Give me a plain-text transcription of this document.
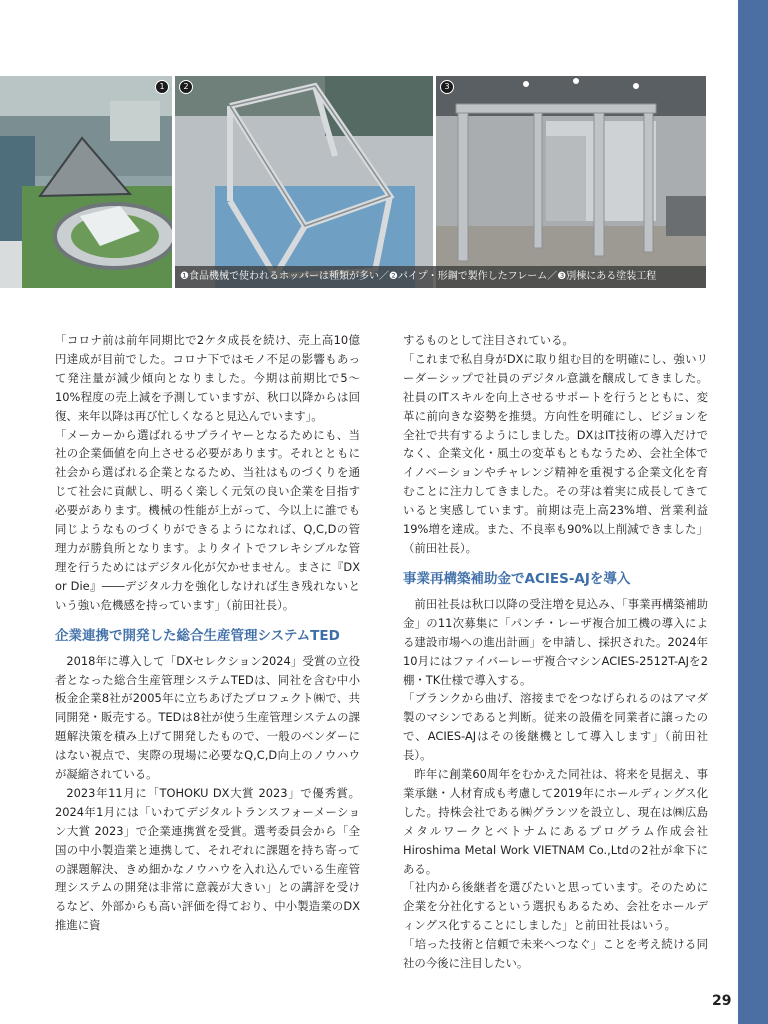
1	2	3
❶食品機械で使われるホッパーは種類が多い／❷パイプ・形鋼で製作したフレーム／❸別棟にある塗装工程

「コロナ前は前年同期比で2ケタ成長を続け、売上高10億円達成が目前でした。コロナ下ではモノ不足の影響もあって発注量が減少傾向となりました。今期は前期比で5～10%程度の売上減を予測していますが、秋口以降からは回復、来年以降は再び忙しくなると見込んでいます」。

「メーカーから選ばれるサプライヤーとなるためにも、当社の企業価値を向上させる必要があります。それとともに社会から選ばれる企業となるため、当社はものづくりを通じて社会に貢献し、明るく楽しく元気の良い企業を目指す必要があります。機械の性能が上がって、今以上に誰でも同じようなものづくりができるようになれば、Q,C,Dの管理力が勝負所となります。よりタイトでフレキシブルな管理を行うためにはデジタル化が欠かせません。まさに『DX or Die』――デジタル力を強化しなければ生き残れないという強い危機感を持っています」（前田社長）。

企業連携で開発した総合生産管理システムTED

2018年に導入して「DXセレクション2024」受賞の立役者となった総合生産管理システムTEDは、同社を含む中小板金企業8社が2005年に立ちあげたプロフェクト㈱で、共同開発・販売する。TEDは8社が使う生産管理システムの課題解決策を積み上げて開発したもので、一般のベンダーにはない視点で、実際の現場に必要なQ,C,D向上のノウハウが凝縮されている。

2023年11月に「TOHOKU DX大賞 2023」で優秀賞。2024年1月には「いわてデジタルトランスフォーメーション大賞 2023」で企業連携賞を受賞。選考委員会から「全国の中小製造業と連携して、それぞれに課題を持ち寄っての課題解決、きめ細かなノウハウを入れ込んでいる生産管理システムの開発は非常に意義が大きい」との講評を受けるなど、外部からも高い評価を得ており、中小製造業のDX推進に資

するものとして注目されている。

「これまで私自身がDXに取り組む目的を明確にし、強いリーダーシップで社員のデジタル意識を醸成してきました。社員のITスキルを向上させるサポートを行うとともに、変革に前向きな姿勢を推奨。方向性を明確にし、ビジョンを全社で共有するようにしました。DXはIT技術の導入だけでなく、企業文化・風土の変革もともなうため、会社全体でイノベーションやチャレンジ精神を重視する企業文化を育むことに注力してきました。その芽は着実に成長してきていると実感しています。前期は売上高23%増、営業利益19%増を達成。また、不良率も90%以上削減できました」（前田社長）。

事業再構築補助金でACIES-AJを導入

前田社長は秋口以降の受注増を見込み、「事業再構築補助金」の11次募集に「パンチ・レーザ複合加工機の導入による建設市場への進出計画」を申請し、採択された。2024年10月にはファイバーレーザ複合マシンACIES-2512T-AJを2棚・TK仕様で導入する。

「ブランクから曲げ、溶接までをつなげられるのはアマダ製のマシンであると判断。従来の設備を同業者に譲ったので、ACIES-AJはその後継機として導入します」（前田社長）。

昨年に創業60周年をむかえた同社は、将来を見据え、事業承継・人材育成も考慮して2019年にホールディングス化した。持株会社である㈱グランツを設立し、現在は㈱広島メタルワークとベトナムにあるプログラム作成会社Hiroshima Metal Work VIETNAM Co.,Ltdの2社が傘下にある。

「社内から後継者を選びたいと思っています。そのために企業を分社化するという選択もあるため、会社をホールディングス化することにしました」と前田社長はいう。

「培った技術と信頼で未来へつなぐ」ことを考え続ける同社の今後に注目したい。

29
